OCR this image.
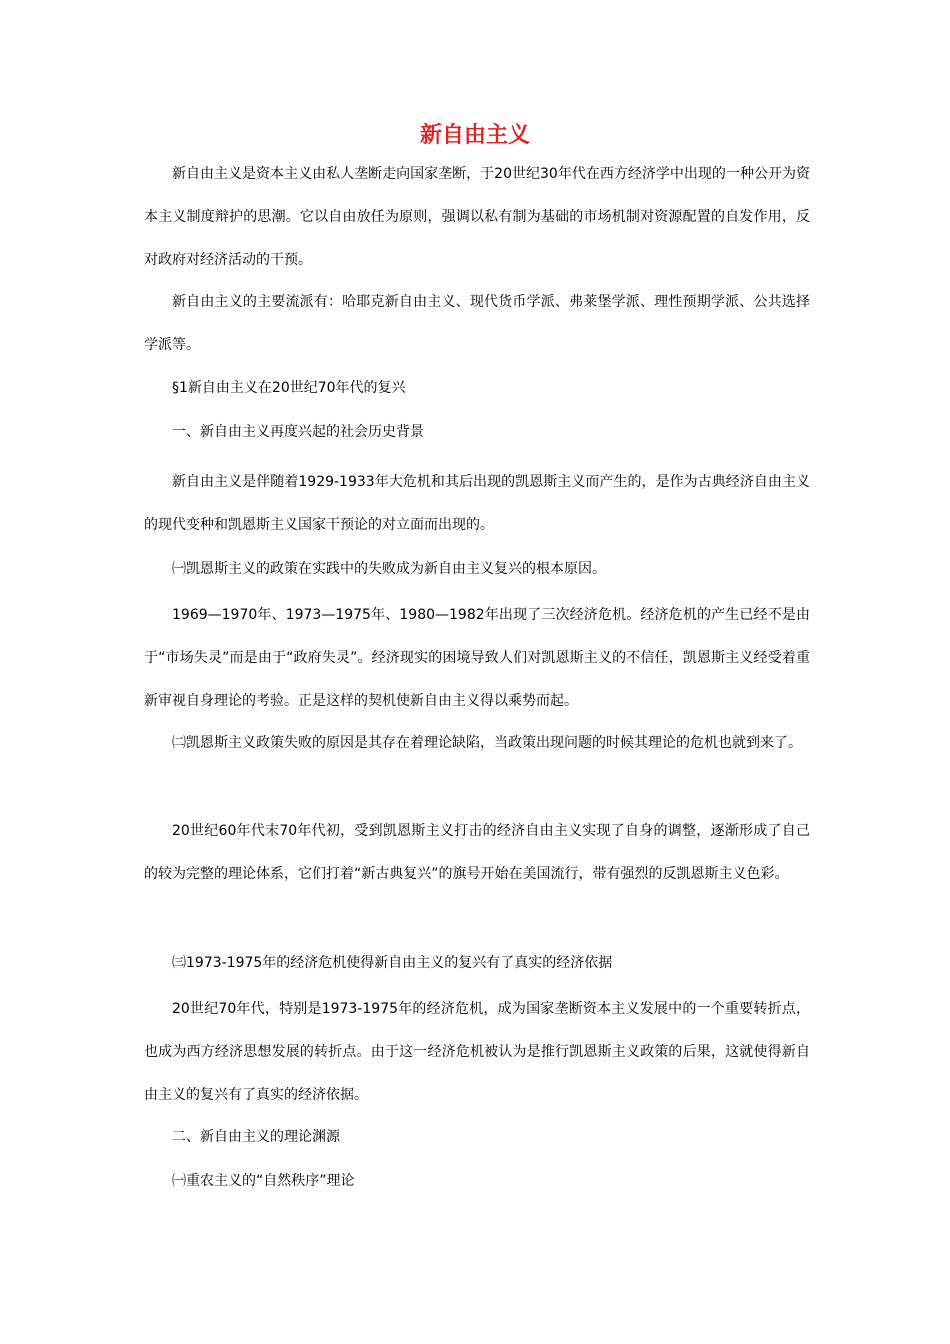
新自由主义

新自由主义是资本主义由私人垄断走向国家垄断，于20世纪30年代在西方经济学中出现的一种公开为资本主义制度辩护的思潮。它以自由放任为原则，强调以私有制为基础的市场机制对资源配置的自发作用，反对政府对经济活动的干预。

新自由主义的主要流派有：哈耶克新自由主义、现代货币学派、弗莱堡学派、理性预期学派、公共选择学派等。

§1新自由主义在20世纪70年代的复兴

一、新自由主义再度兴起的社会历史背景

新自由主义是伴随着1929-1933年大危机和其后出现的凯恩斯主义而产生的，是作为古典经济自由主义的现代变种和凯恩斯主义国家干预论的对立面而出现的。

㈠凯恩斯主义的政策在实践中的失败成为新自由主义复兴的根本原因。

1969—1970年、1973—1975年、1980—1982年出现了三次经济危机。经济危机的产生已经不是由于“市场失灵”而是由于“政府失灵”。经济现实的困境导致人们对凯恩斯主义的不信任，凯恩斯主义经受着重新审视自身理论的考验。正是这样的契机使新自由主义得以乘势而起。

㈡凯恩斯主义政策失败的原因是其存在着理论缺陷，当政策出现问题的时候其理论的危机也就到来了。

20世纪60年代末70年代初，受到凯恩斯主义打击的经济自由主义实现了自身的调整，逐渐形成了自己的较为完整的理论体系，它们打着“新古典复兴”的旗号开始在美国流行，带有强烈的反凯恩斯主义色彩。

㈢1973-1975年的经济危机使得新自由主义的复兴有了真实的经济依据

20世纪70年代，特别是1973-1975年的经济危机，成为国家垄断资本主义发展中的一个重要转折点，也成为西方经济思想发展的转折点。由于这一经济危机被认为是推行凯恩斯主义政策的后果，这就使得新自由主义的复兴有了真实的经济依据。

二、新自由主义的理论渊源

㈠重农主义的“自然秩序”理论
